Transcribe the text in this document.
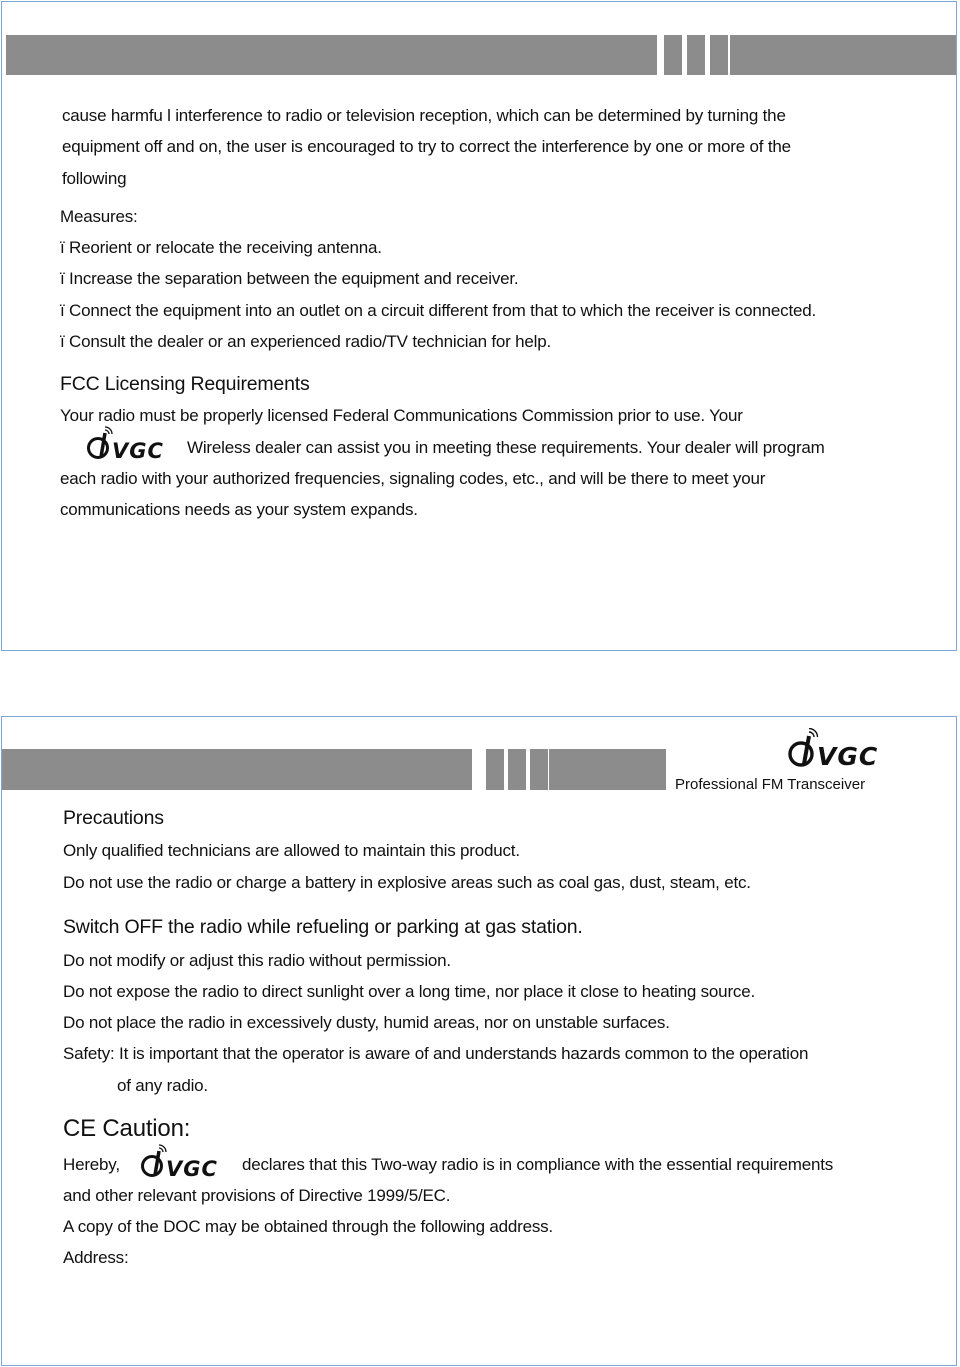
cause harmfu l interference to radio or television reception, which can be determined by turning the
equipment off and on, the user is encouraged to try to correct the interference by one or more of the
following
Measures:
ï Reorient or relocate the receiving antenna.
ï Increase the separation between the equipment and receiver.
ï Connect the equipment into an outlet on a circuit different from that to which the receiver is connected.
ï Consult the dealer or an experienced radio/TV technician for help.
FCC Licensing Requirements
Your radio must be properly licensed Federal Communications Commission prior to use. Your
VGC Wireless dealer can assist you in meeting these requirements. Your dealer will program
each radio with your authorized frequencies, signaling codes, etc., and will be there to meet your
communications needs as your system expands.
VGC
Professional FM Transceiver
Precautions
Only qualified technicians are allowed to maintain this product.
Do not use the radio or charge a battery in explosive areas such as coal gas, dust, steam, etc.
Switch OFF the radio while refueling or parking at gas station.
Do not modify or adjust this radio without permission.
Do not expose the radio to direct sunlight over a long time, nor place it close to heating source.
Do not place the radio in excessively dusty, humid areas, nor on unstable surfaces.
Safety: It is important that the operator is aware of and understands hazards common to the operation
of any radio.
CE Caution:
Hereby, VGC declares that this Two-way radio is in compliance with the essential requirements
and other relevant provisions of Directive 1999/5/EC.
A copy of the DOC may be obtained through the following address.
Address:
